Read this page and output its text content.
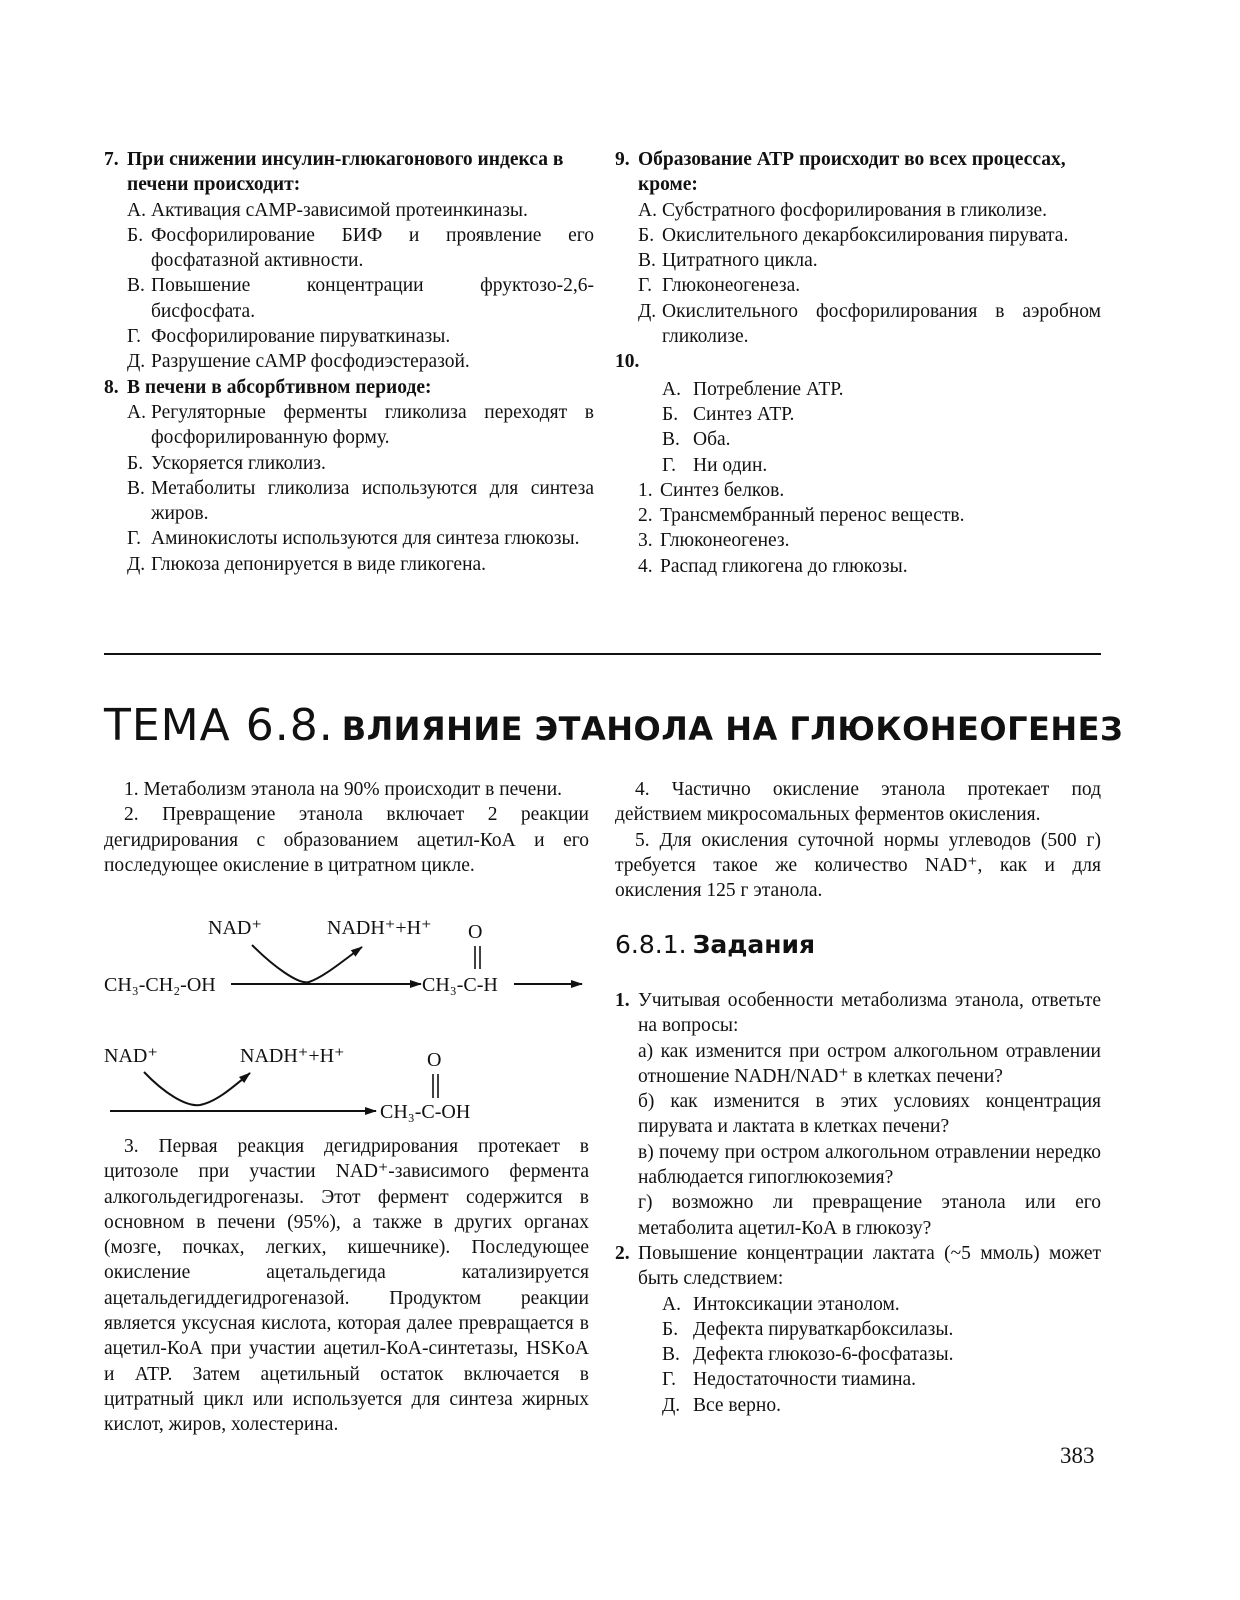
7. При снижении инсулин-глюкагонового индекса в печени происходит:
А. Активация cAMP-зависимой протеинкиназы.
Б. Фосфорилирование БИФ и проявление его фосфатазной активности.
В. Повышение концентрации фруктозо-2,6-бисфосфата.
Г. Фосфорилирование пируваткиназы.
Д. Разрушение cAMP фосфодиэстеразой.
8. В печени в абсорбтивном периоде:
А. Регуляторные ферменты гликолиза переходят в фосфорилированную форму.
Б. Ускоряется гликолиз.
В. Метаболиты гликолиза используются для синтеза жиров.
Г. Аминокислоты используются для синтеза глюкозы.
Д. Глюкоза депонируется в виде гликогена.
9. Образование АТР происходит во всех процессах, кроме:
А. Субстратного фосфорилирования в гликолизе.
Б. Окислительного декарбоксилирования пирувата.
В. Цитратного цикла.
Г. Глюконеогенеза.
Д. Окислительного фосфорилирования в аэробном гликолизе.
10.
А. Потребление АТР.
Б. Синтез АТР.
В. Оба.
Г. Ни один.
1. Синтез белков.
2. Трансмембранный перенос веществ.
3. Глюконеогенез.
4. Распад гликогена до глюкозы.
ТЕМА 6.8. ВЛИЯНИЕ ЭТАНОЛА НА ГЛЮКОНЕОГЕНЕЗ

1. Метаболизм этанола на 90% происходит в печени.

2. Превращение этанола включает 2 реакции дегидрирования с образованием ацетил-КоА и его последующее окисление в цитратном цикле.

NAD⁺	NADH⁺+H⁺ O
CH₃-CH₂-OH	CH₃-C-H
NAD⁺	NADH⁺+H⁺	O
CH₃-C-OH

3. Первая реакция дегидрирования протекает в цитозоле при участии NAD⁺-зависимого фермента алкогольдегидрогеназы. Этот фермент содержится в основном в печени (95%), а также в других органах (мозге, почках, легких, кишечнике). Последующее окисление ацетальдегида катализируется ацетальдегиддегидрогеназой. Продуктом реакции является уксусная кислота, которая далее превращается в ацетил-КоА при участии ацетил-КоА-синтетазы, HSKoA и АТР. Затем ацетильный остаток включается в цитратный цикл или используется для синтеза жирных кислот, жиров, холестерина.

4. Частично окисление этанола протекает под действием микросомальных ферментов окисления.

5. Для окисления суточной нормы углеводов (500 г) требуется такое же количество NAD⁺, как и для окисления 125 г этанола.

6.8.1. Задания
1. Учитывая особенности метаболизма этанола, ответьте на вопросы:
а) как изменится при остром алкогольном отравлении отношение NADH/NAD⁺ в клетках печени?
б) как изменится в этих условиях концентрация пирувата и лактата в клетках печени?
в) почему при остром алкогольном отравлении нередко наблюдается гипоглюкоземия?
г) возможно ли превращение этанола или его метаболита ацетил-КоА в глюкозу?
2. Повышение концентрации лактата (~5 ммоль) может быть следствием:
А. Интоксикации этанолом.
Б. Дефекта пируваткарбоксилазы.
В. Дефекта глюкозо-6-фосфатазы.
Г. Недостаточности тиамина.
Д. Все верно.
383
